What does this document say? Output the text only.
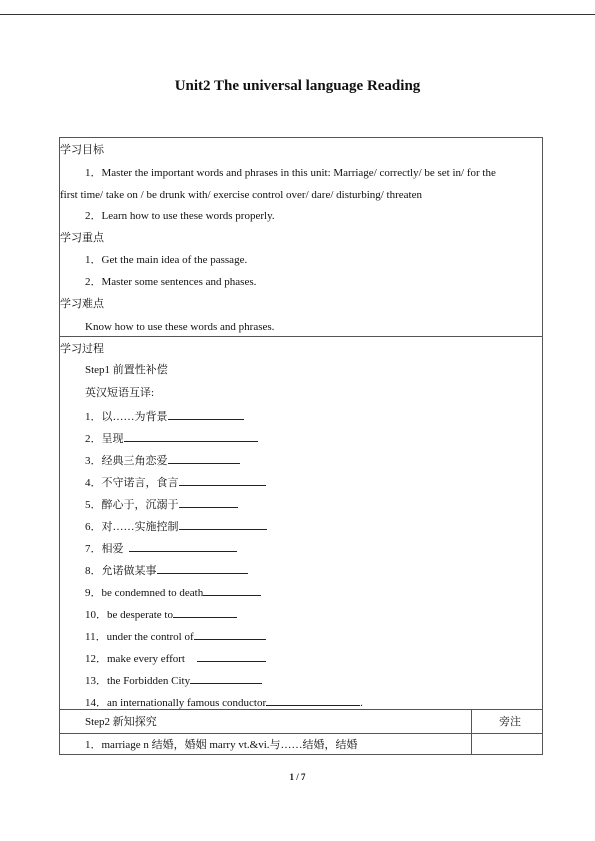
Unit2 The universal language Reading
学习目标
1．Master the important words and phrases in this unit: Marriage/ correctly/ be set in/ for the
first time/ take on / be drunk with/ exercise control over/ dare/ disturbing/ threaten
2．Learn how to use these words properly.
学习重点
1．Get the main idea of the passage.
2．Master some sentences and phases.
学习难点
Know how to use these words and phrases.
学习过程
Step1 前置性补偿
英汉短语互译:
1．以……为背景
2．呈现
3．经典三角恋爱
4．不守诺言，食言
5．醉心于，沉溺于
6．对……实施控制
7．相爱
8．允诺做某事
9．be condemned to death
10．be desperate to
11．under the control of
12．make every effort
13．the Forbidden City
14．an internationally famous conductor	.
Step2 新知探究	旁注
1．marriage n 结婚，婚姻 marry vt.&vi.与……结婚，结婚
1 / 7
